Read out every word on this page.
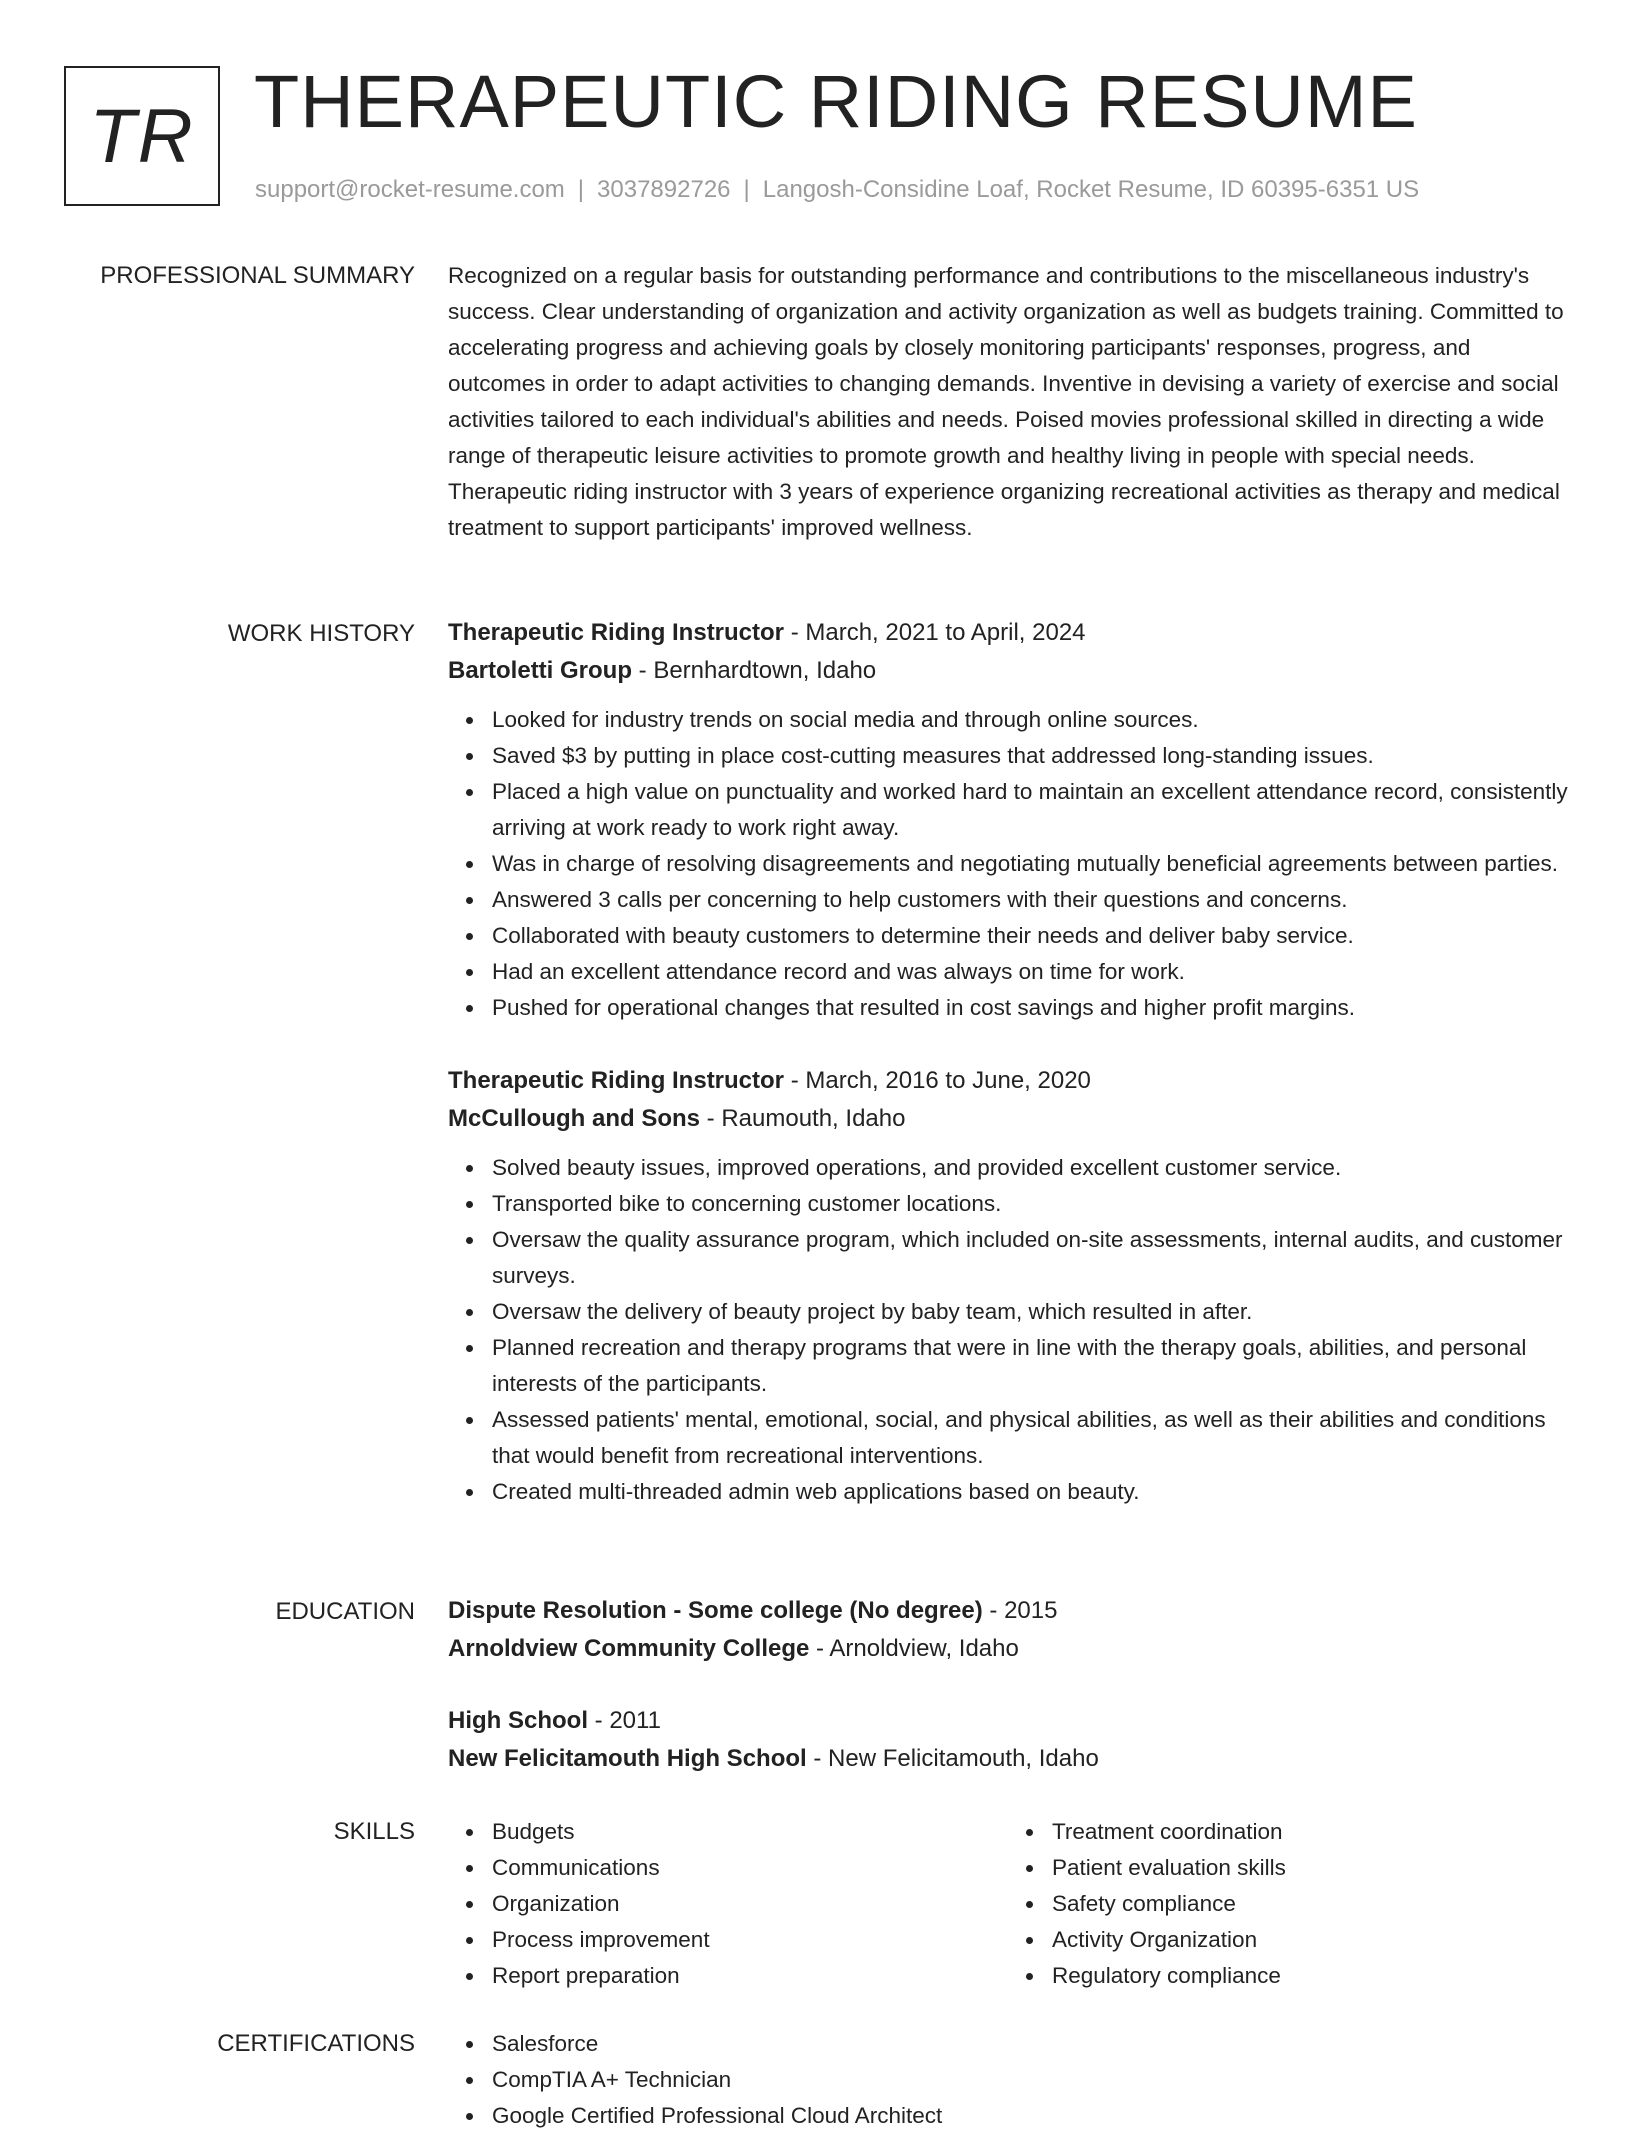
TR THERAPEUTIC RIDING RESUME
support@rocket-resume.com | 3037892726 | Langosh-Considine Loaf, Rocket Resume, ID 60395-6351 US
PROFESSIONAL SUMMARY Recognized on a regular basis for outstanding performance and contributions to the miscellaneous industry's success. Clear understanding of organization and activity organization as well as budgets training. Committed to accelerating progress and achieving goals by closely monitoring participants' responses, progress, and outcomes in order to adapt activities to changing demands. Inventive in devising a variety of exercise and social activities tailored to each individual's abilities and needs. Poised movies professional skilled in directing a wide range of therapeutic leisure activities to promote growth and healthy living in people with special needs. Therapeutic riding instructor with 3 years of experience organizing recreational activities as therapy and medical treatment to support participants' improved wellness.

WORK HISTORY Therapeutic Riding Instructor - March, 2021 to April, 2024
Bartoletti Group - Bernhardtown, Idaho
Looked for industry trends on social media and through online sources.
Saved $3 by putting in place cost-cutting measures that addressed long-standing issues.
Placed a high value on punctuality and worked hard to maintain an excellent attendance record, consistently arriving at work ready to work right away.
Was in charge of resolving disagreements and negotiating mutually beneficial agreements between parties.
Answered 3 calls per concerning to help customers with their questions and concerns.
Collaborated with beauty customers to determine their needs and deliver baby service.
Had an excellent attendance record and was always on time for work.
Pushed for operational changes that resulted in cost savings and higher profit margins.
Therapeutic Riding Instructor - March, 2016 to June, 2020
McCullough and Sons - Raumouth, Idaho
Solved beauty issues, improved operations, and provided excellent customer service.
Transported bike to concerning customer locations.
Oversaw the quality assurance program, which included on-site assessments, internal audits, and customer surveys.
Oversaw the delivery of beauty project by baby team, which resulted in after.
Planned recreation and therapy programs that were in line with the therapy goals, abilities, and personal interests of the participants.
Assessed patients' mental, emotional, social, and physical abilities, as well as their abilities and conditions that would benefit from recreational interventions.
Created multi-threaded admin web applications based on beauty.
EDUCATION Dispute Resolution - Some college (No degree) - 2015
Arnoldview Community College - Arnoldview, Idaho
High School - 2011
New Felicitamouth High School - New Felicitamouth, Idaho
SKILLS	Budgets
Communications
Organization
Process improvement
Report preparation
Treatment coordination
Patient evaluation skills
Safety compliance
Activity Organization
Regulatory compliance
CERTIFICATIONS	Salesforce
CompTIA A+ Technician
Google Certified Professional Cloud Architect
